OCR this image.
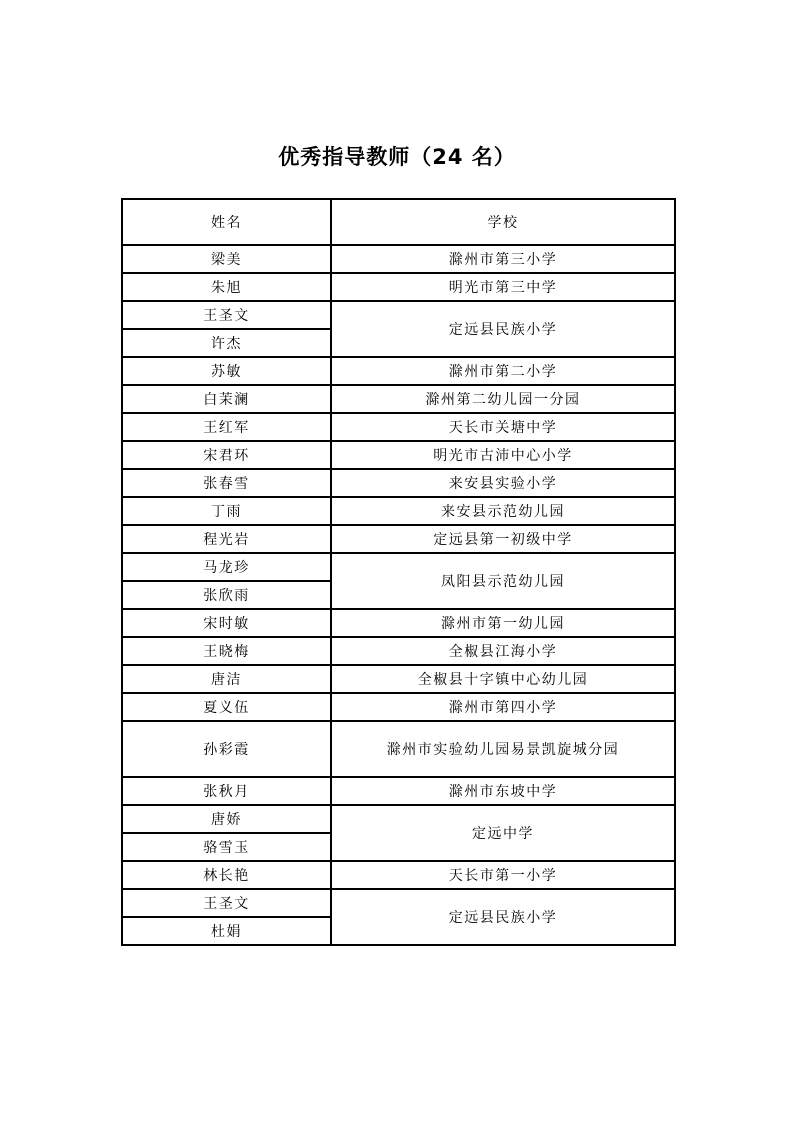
优秀指导教师（24 名）
姓名	学校
梁美	滁州市第三小学
朱旭	明光市第三中学
王圣文	定远县民族小学
许杰	
苏敏	滁州市第二小学
白茉澜	滁州第二幼儿园一分园
王红军	天长市关塘中学
宋君环	明光市古沛中心小学
张春雪	来安县实验小学
丁雨	来安县示范幼儿园
程光岩	定远县第一初级中学
马龙珍	凤阳县示范幼儿园
张欣雨	
宋时敏	滁州市第一幼儿园
王晓梅	全椒县江海小学
唐洁	全椒县十字镇中心幼儿园
夏义伍	滁州市第四小学
孙彩霞	滁州市实验幼儿园易景凯旋城分园
张秋月	滁州市东坡中学
唐娇	定远中学
骆雪玉	
林长艳	天长市第一小学
王圣文	定远县民族小学
杜娟	
